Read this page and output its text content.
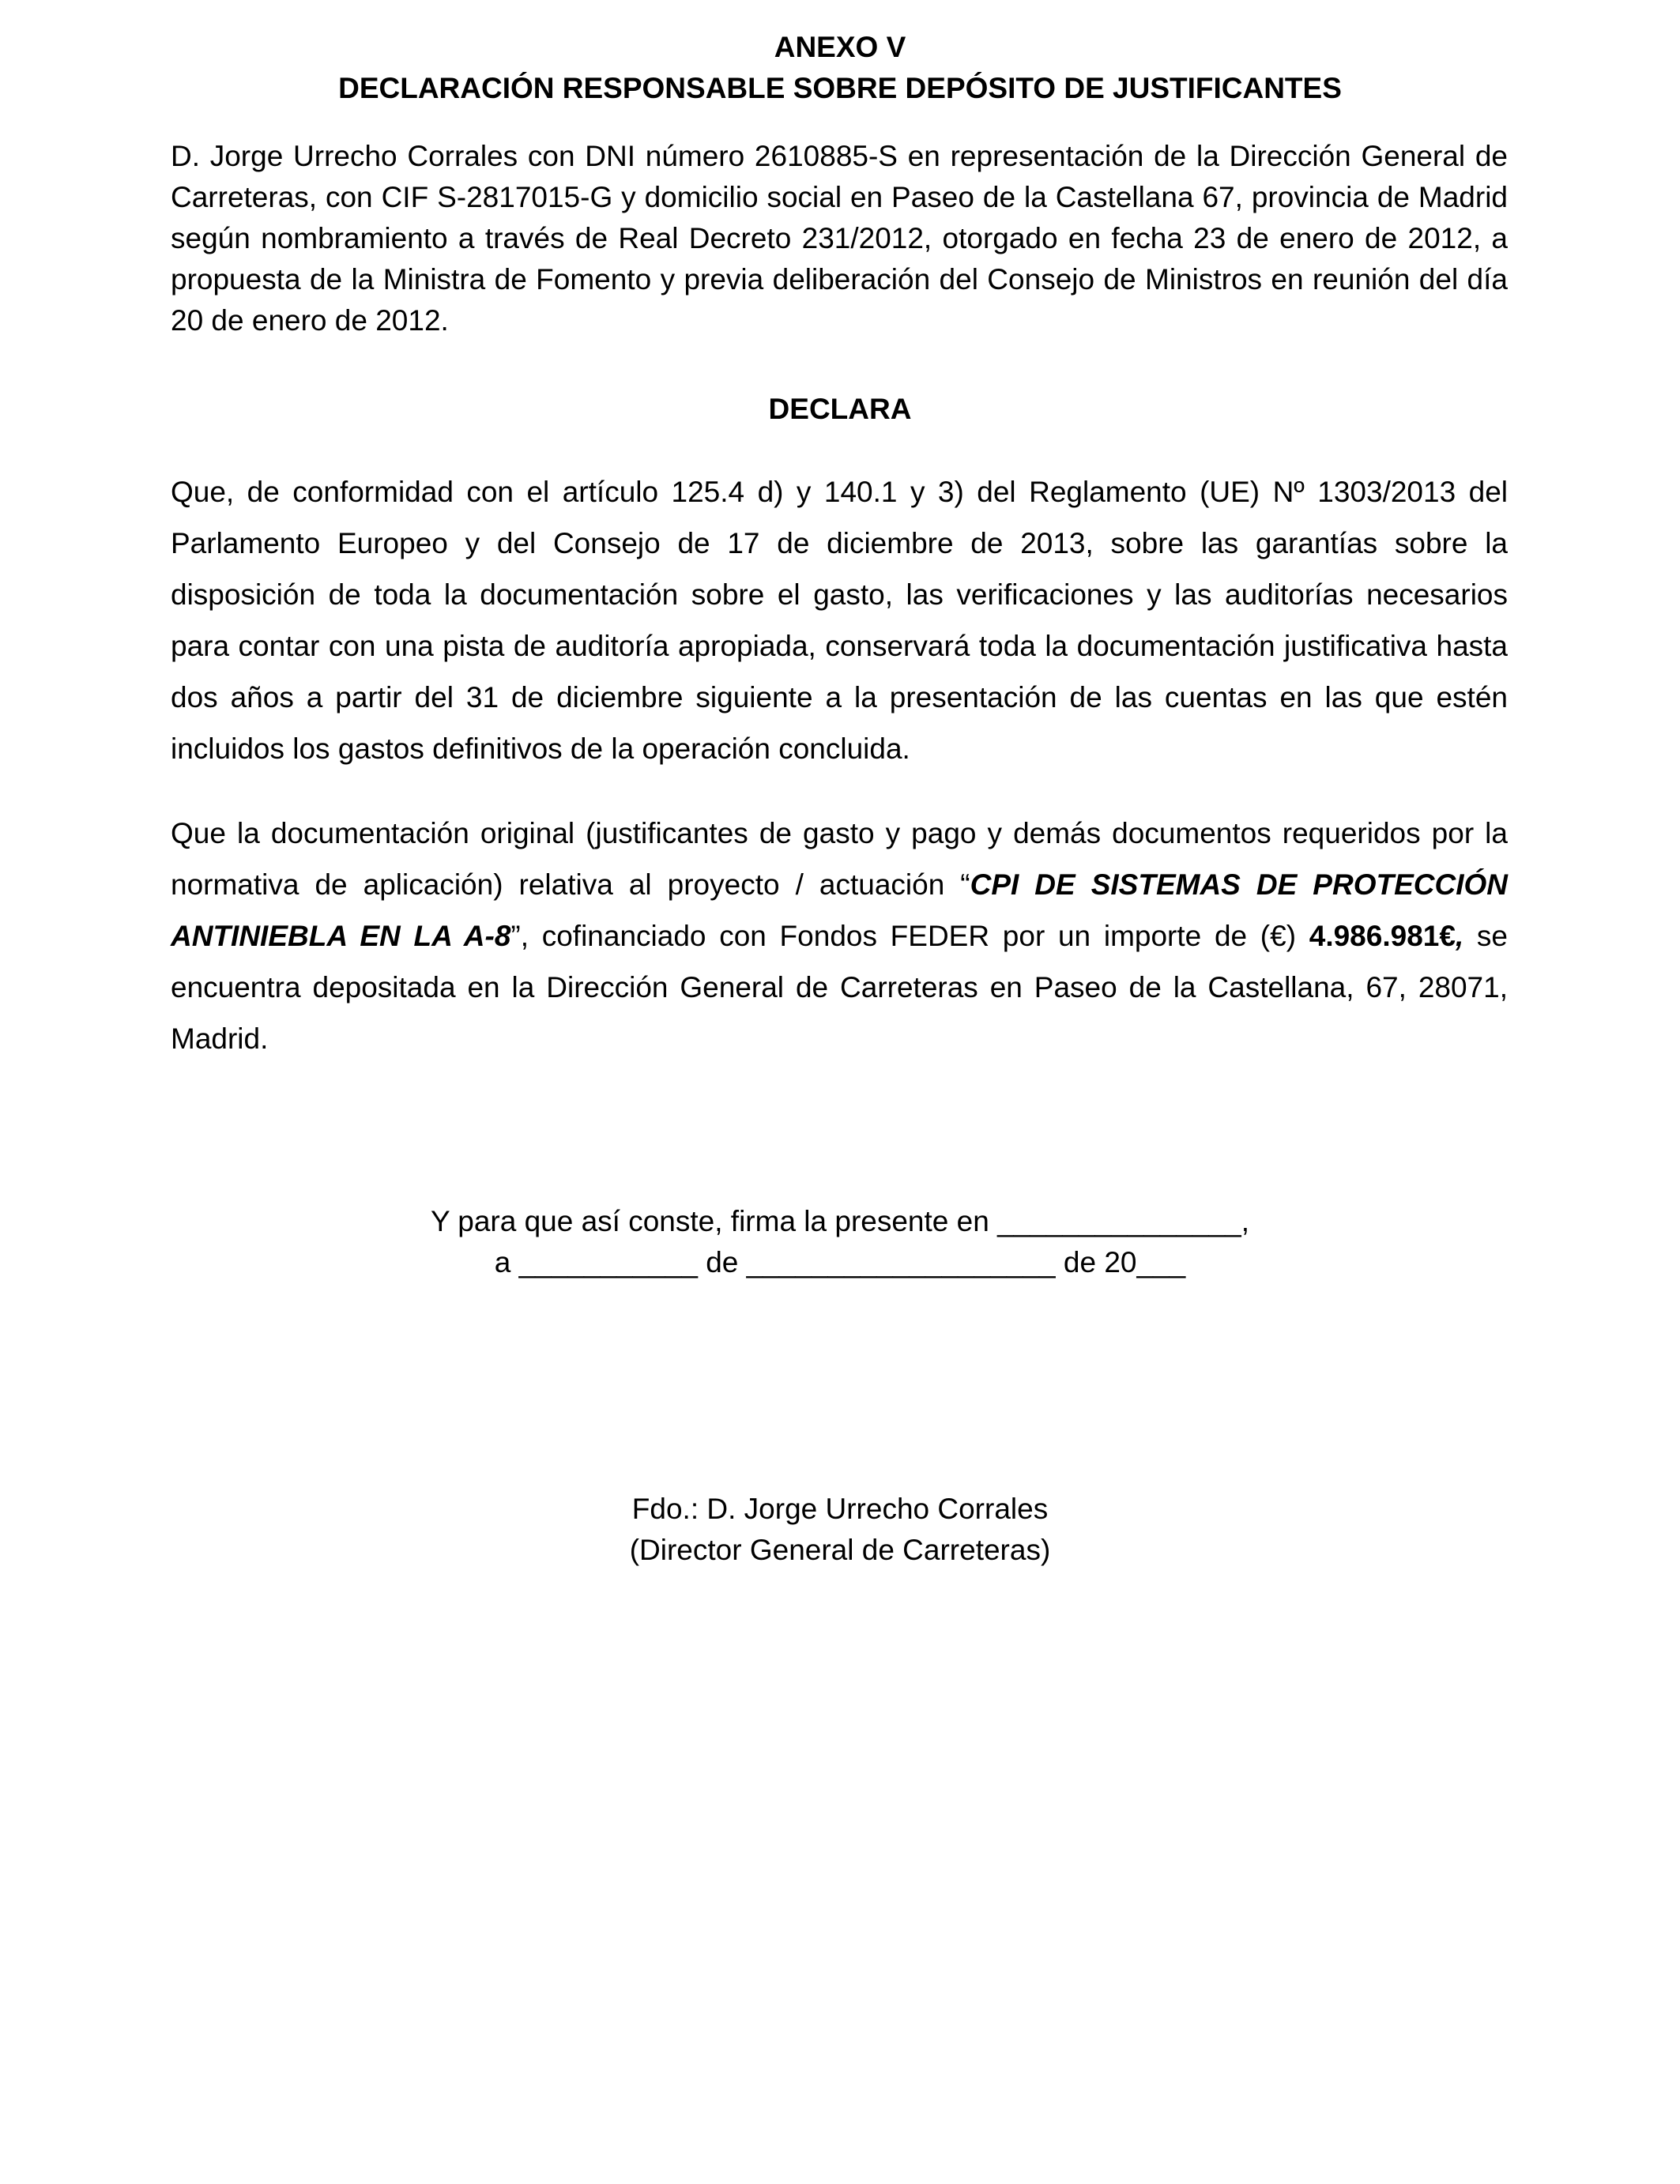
ANEXO V
DECLARACIÓN RESPONSABLE SOBRE DEPÓSITO DE JUSTIFICANTES
D. Jorge Urrecho Corrales con DNI número 2610885-S en representación de la Dirección General de Carreteras, con CIF S-2817015-G y domicilio social en Paseo de la Castellana 67, provincia de Madrid según nombramiento a través de Real Decreto 231/2012, otorgado en fecha 23 de enero de 2012, a propuesta de la Ministra de Fomento y previa deliberación del Consejo de Ministros en reunión del día 20 de enero de 2012.
DECLARA
Que, de conformidad con el artículo 125.4 d) y 140.1 y 3) del Reglamento (UE) Nº 1303/2013 del Parlamento Europeo y del Consejo de 17 de diciembre de 2013, sobre las garantías sobre la disposición de toda la documentación sobre el gasto, las verificaciones y las auditorías necesarios para contar con una pista de auditoría apropiada, conservará toda la documentación justificativa hasta dos años a partir del 31 de diciembre siguiente a la presentación de las cuentas en las que estén incluidos los gastos definitivos de la operación concluida.
Que la documentación original (justificantes de gasto y pago y demás documentos requeridos por la normativa de aplicación) relativa al proyecto / actuación “CPI DE SISTEMAS DE PROTECCIÓN ANTINIEBLA EN LA A-8”, cofinanciado con Fondos FEDER por un importe de (€) 4.986.981€, se encuentra depositada en la Dirección General de Carreteras en Paseo de la Castellana, 67, 28071, Madrid.
Y para que así conste, firma la presente en _______________,
a ___________ de ___________________ de 20___
Fdo.: D. Jorge Urrecho Corrales
(Director General de Carreteras)
